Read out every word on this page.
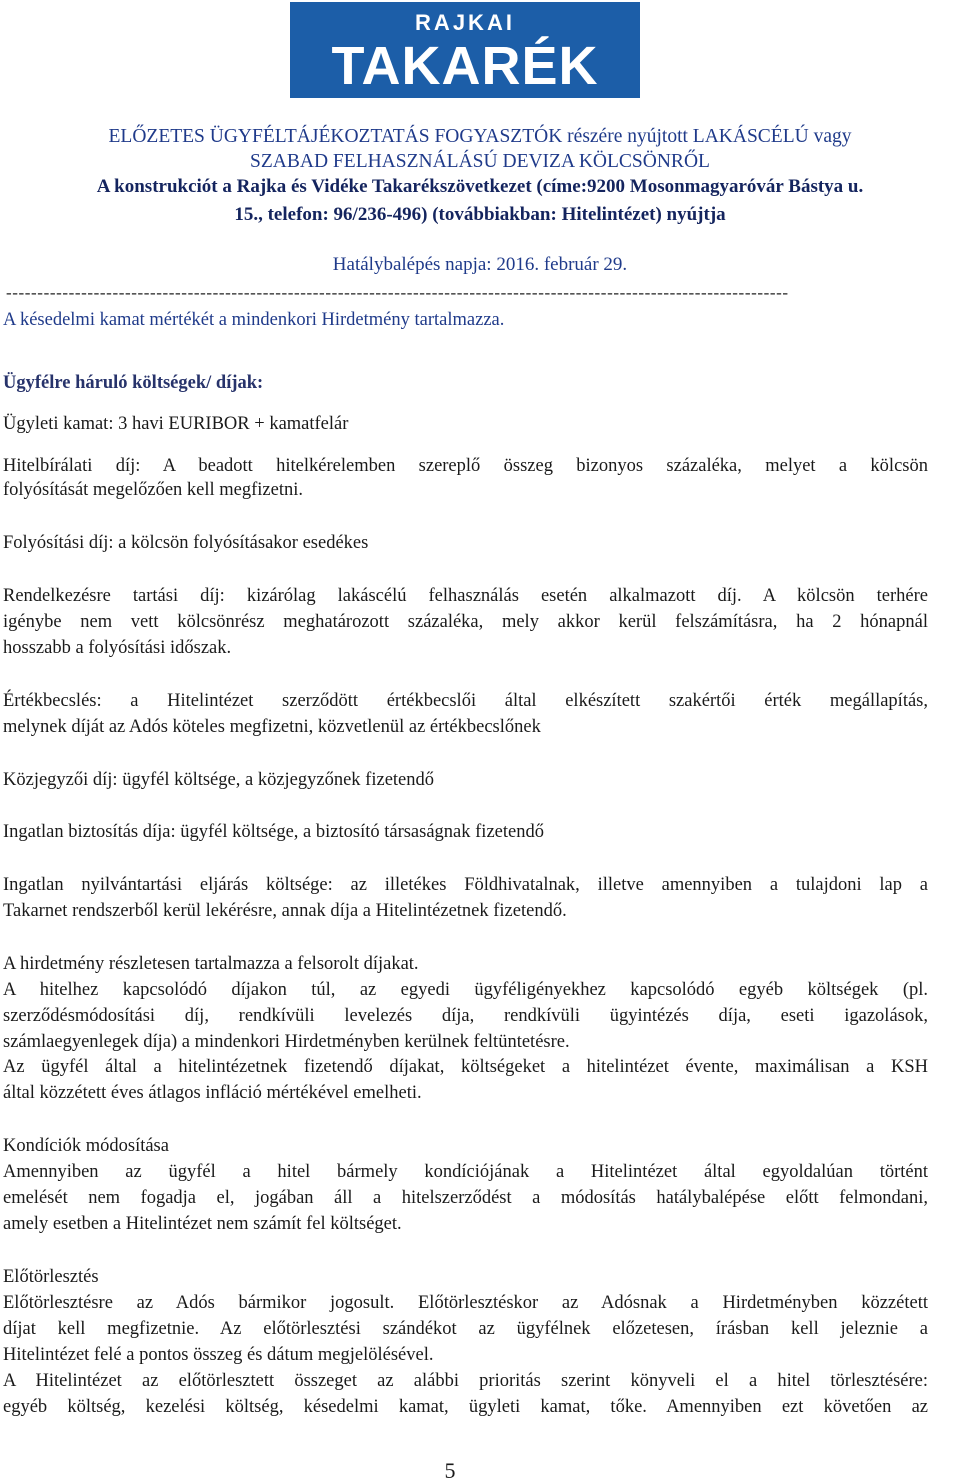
RAJKAI
TAKARÉK
ELŐZETES ÜGYFÉLTÁJÉKOZTATÁS FOGYASZTÓK részére nyújtott LAKÁSCÉLÚ vagy
SZABAD FELHASZNÁLÁSÚ DEVIZA KÖLCSÖNRŐL
A konstrukciót a Rajka és Vidéke Takarékszövetkezet (címe:9200 Mosonmagyaróvár Bástya u.
15., telefon: 96/236-496) (továbbiakban: Hitelintézet) nyújtja
Hatálybalépés napja: 2016. február 29.
-----------------------------------------------------------------------------------------------------------------------------
A késedelmi kamat mértékét a mindenkori Hirdetmény tartalmazza.
Ügyfélre háruló költségek/ díjak:
Ügyleti kamat: 3 havi EURIBOR + kamatfelár
Hitelbírálati díj: A beadott hitelkérelemben szereplő összeg bizonyos százaléka, melyet a kölcsön
folyósítását megelőzően kell megfizetni.
Folyósítási díj: a kölcsön folyósításakor esedékes
Rendelkezésre tartási díj: kizárólag lakáscélú felhasználás esetén alkalmazott díj. A kölcsön terhére
igénybe nem vett kölcsönrész meghatározott százaléka, mely akkor kerül felszámításra, ha 2 hónapnál
hosszabb a folyósítási időszak.
Értékbecslés: a Hitelintézet szerződött értékbecslői által elkészített szakértői érték megállapítás,
melynek díját az Adós köteles megfizetni, közvetlenül az értékbecslőnek
Közjegyzői díj: ügyfél költsége, a közjegyzőnek fizetendő
Ingatlan biztosítás díja: ügyfél költsége, a biztosító társaságnak fizetendő
Ingatlan nyilvántartási eljárás költsége: az illetékes Földhivatalnak, illetve amennyiben a tulajdoni lap a
Takarnet rendszerből kerül lekérésre, annak díja a Hitelintézetnek fizetendő.
A hirdetmény részletesen tartalmazza a felsorolt díjakat.
A hitelhez kapcsolódó díjakon túl, az egyedi ügyféligényekhez kapcsolódó egyéb költségek (pl.
szerződésmódosítási díj, rendkívüli levelezés díja, rendkívüli ügyintézés díja, eseti igazolások,
számlaegyenlegek díja) a mindenkori Hirdetményben kerülnek feltüntetésre.
Az ügyfél által a hitelintézetnek fizetendő díjakat, költségeket a hitelintézet évente, maximálisan a KSH
által közzétett éves átlagos infláció mértékével emelheti.
Kondíciók módosítása
Amennyiben az ügyfél a hitel bármely kondíciójának a Hitelintézet által egyoldalúan történt
emelését nem fogadja el, jogában áll a hitelszerződést a módosítás hatálybalépése előtt felmondani,
amely esetben a Hitelintézet nem számít fel költséget.
Előtörlesztés
Előtörlesztésre az Adós bármikor jogosult. Előtörlesztéskor az Adósnak a Hirdetményben közzétett
díjat kell megfizetnie. Az előtörlesztési szándékot az ügyfélnek előzetesen, írásban kell jeleznie a
Hitelintézet felé a pontos összeg és dátum megjelölésével.
A Hitelintézet az előtörlesztett összeget az alábbi prioritás szerint könyveli el a hitel törlesztésére:
egyéb költség, kezelési költség, késedelmi kamat, ügyleti kamat, tőke. Amennyiben ezt követően az
5
